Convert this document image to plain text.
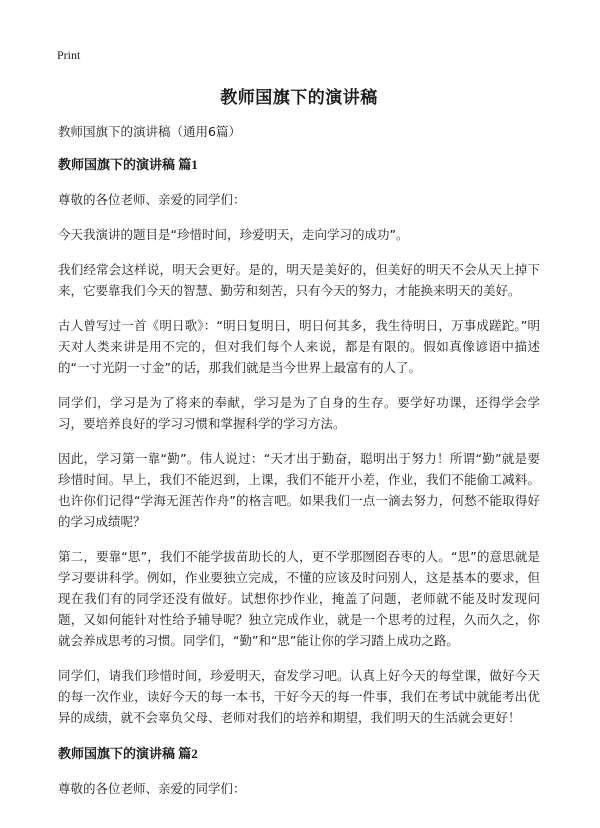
Print
教师国旗下的演讲稿
教师国旗下的演讲稿（通用6篇）
教师国旗下的演讲稿 篇1

尊敬的各位老师、亲爱的同学们：

今天我演讲的题目是“珍惜时间，珍爱明天，走向学习的成功”。

我们经常会这样说，明天会更好。是的，明天是美好的，但美好的明天不会从天上掉下来，它要靠我们今天的智慧、勤劳和刻苦，只有今天的努力，才能换来明天的美好。

古人曾写过一首《明日歌》：“明日复明日，明日何其多，我生待明日，万事成蹉跎。”明天对人类来讲是用不完的，但对我们每个人来说，都是有限的。假如真像谚语中描述的“一寸光阴一寸金”的话，那我们就是当今世界上最富有的人了。

同学们，学习是为了将来的奉献，学习是为了自身的生存。要学好功课，还得学会学习，要培养良好的学习习惯和掌握科学的学习方法。

因此，学习第一靠“勤”。伟人说过：“天才出于勤奋，聪明出于努力！所谓“勤”就是要珍惜时间。早上，我们不能迟到，上课，我们不能开小差，作业，我们不能偷工减料。也许你们记得“学海无涯苦作舟”的格言吧。如果我们一点一滴去努力，何愁不能取得好的学习成绩呢？

第二，要靠“思”，我们不能学拔苗助长的人，更不学那囫囵吞枣的人。“思”的意思就是学习要讲科学。例如，作业要独立完成，不懂的应该及时问别人，这是基本的要求，但现在我们有的同学还没有做好。试想你抄作业，掩盖了问题，老师就不能及时发现问题，又如何能针对性给予辅导呢？独立完成作业，就是一个思考的过程，久而久之，你就会养成思考的习惯。同学们，“勤”和“思”能让你的学习踏上成功之路。

同学们，请我们珍惜时间，珍爱明天，奋发学习吧。认真上好今天的每堂课，做好今天的每一次作业，读好今天的每一本书，干好今天的每一件事，我们在考试中就能考出优异的成绩，就不会辜负父母、老师对我们的培养和期望，我们明天的生活就会更好！

教师国旗下的演讲稿 篇2

尊敬的各位老师、亲爱的同学们：
